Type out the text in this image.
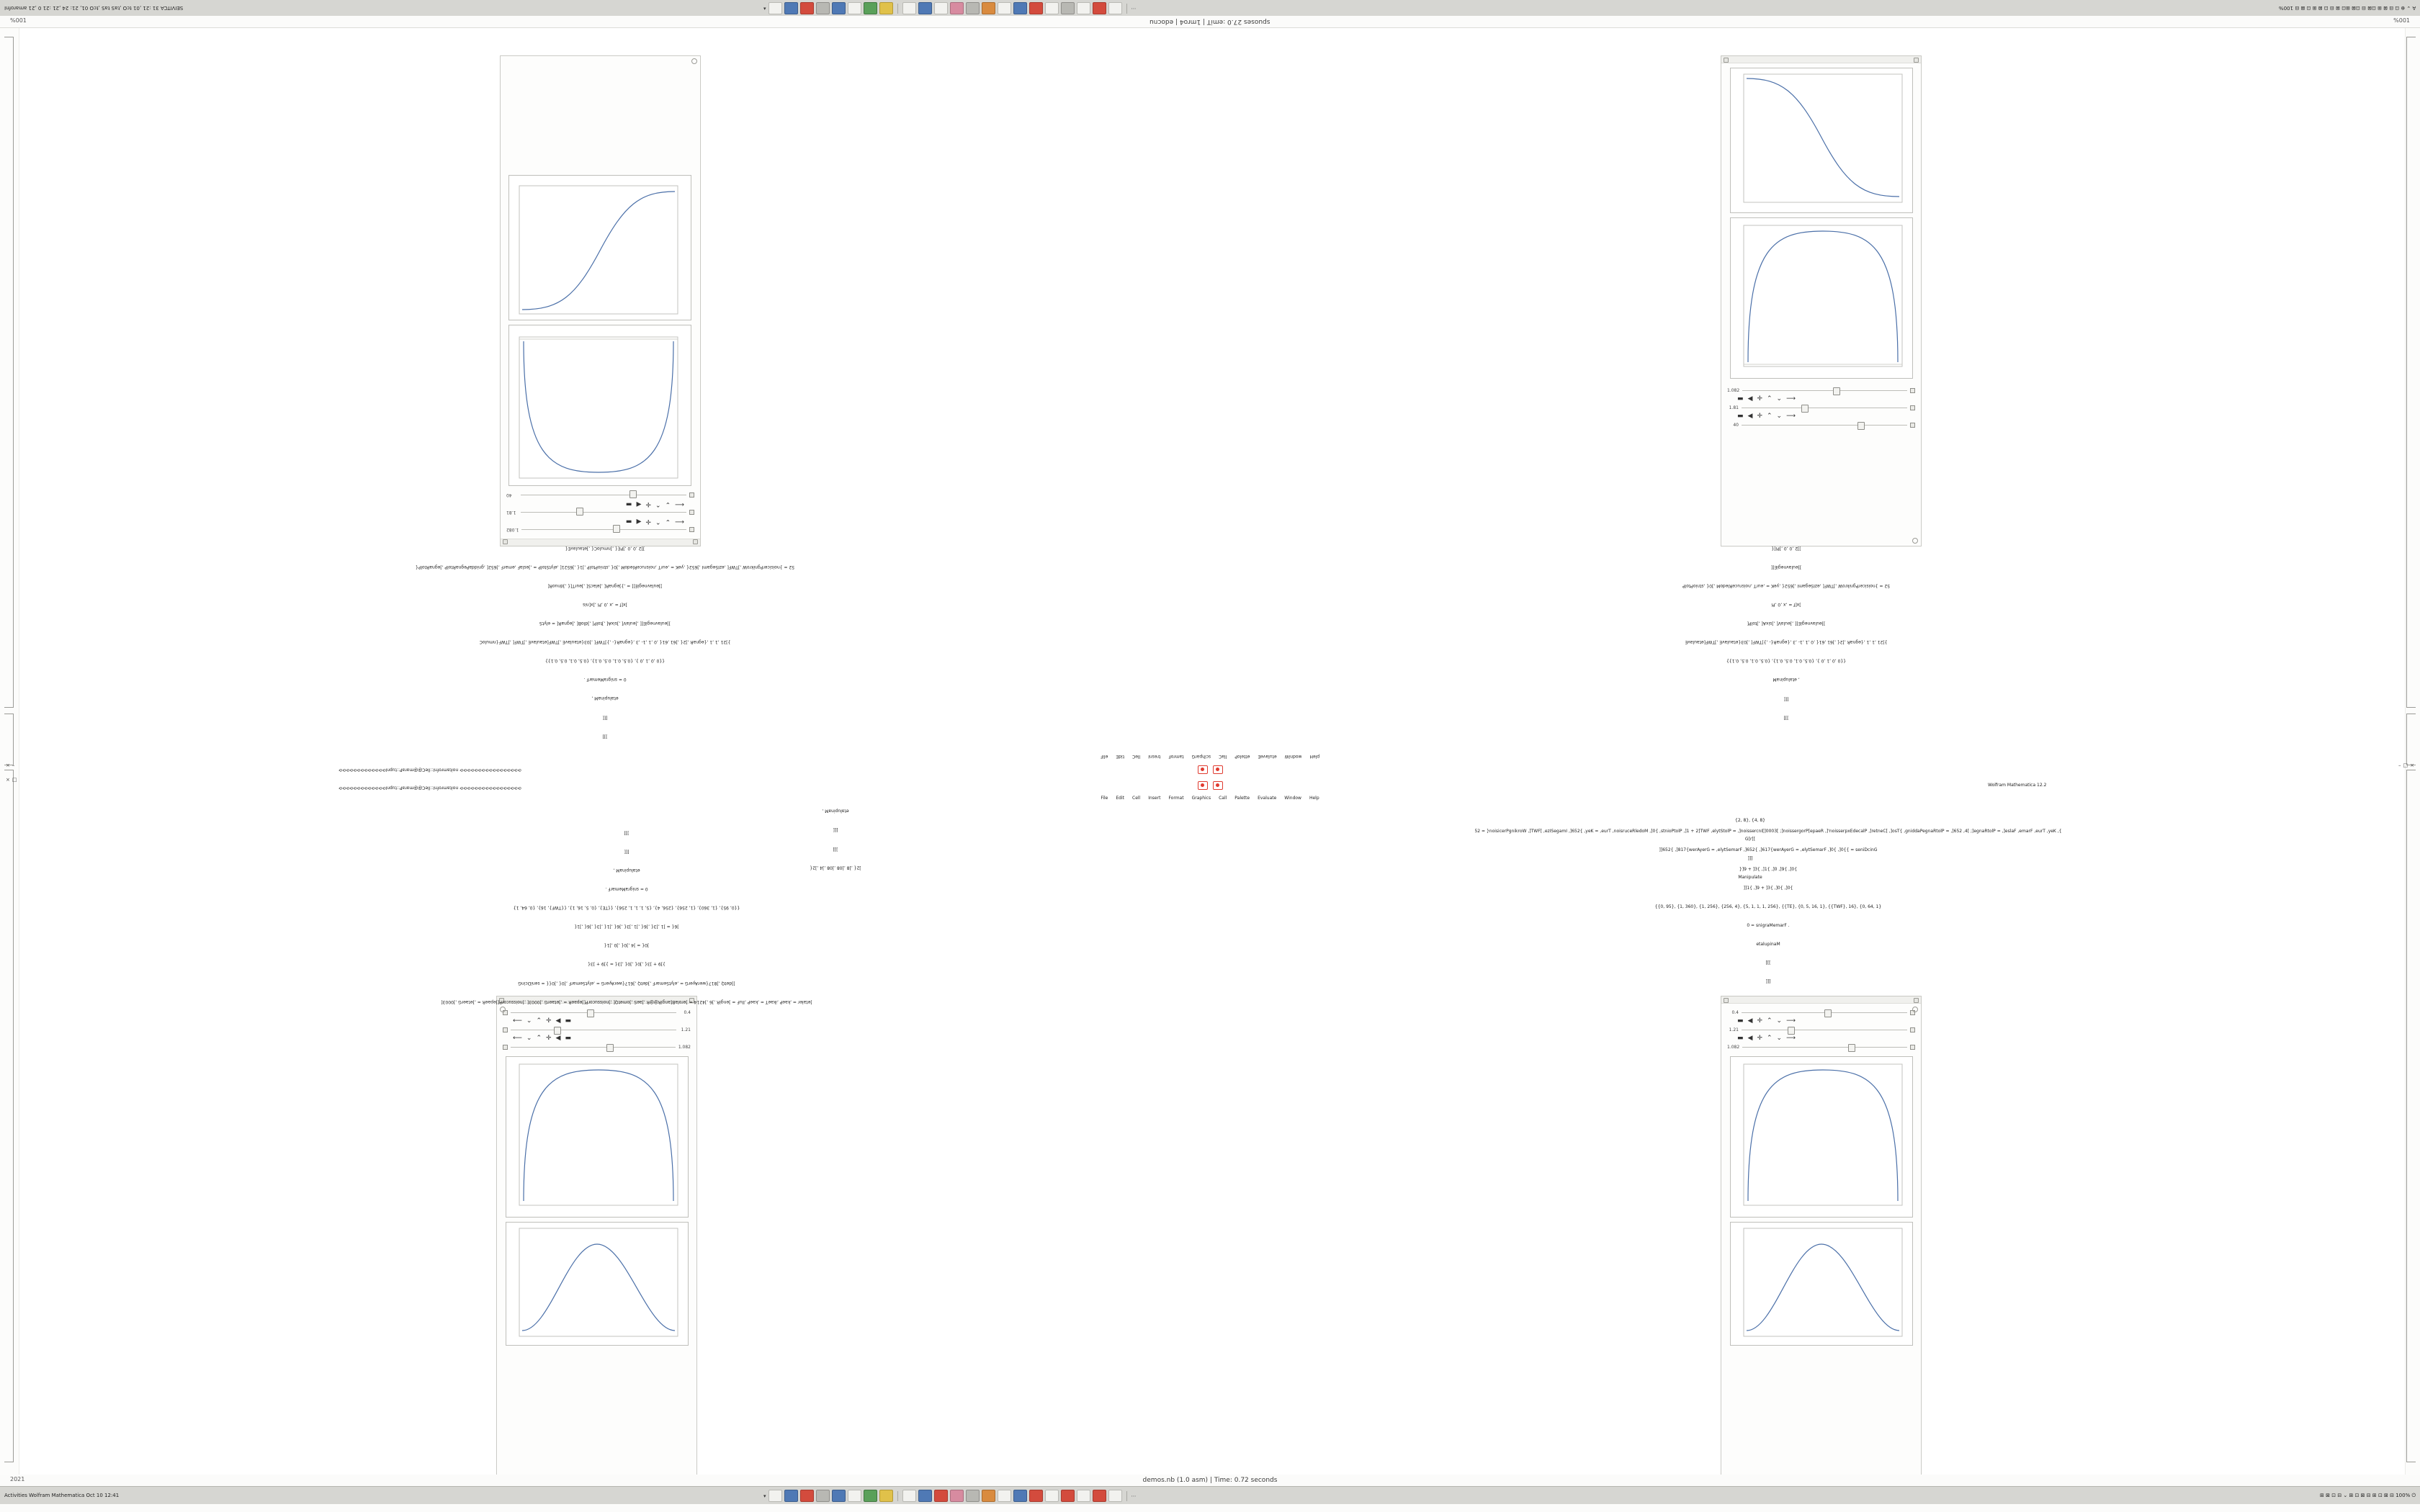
SEIVITCA 31 :21 ,01 tcO ,taS taS ,tcO 01, 21: 24 ,21 :21 0 ,21 amarofnI	▾	⋯	A ⌄ ⊕ ⊡ ⊟ ⊠ ⊞ ⊡⊠ ⊟ ⊡⊠ ⊞⊡ ⊠ ⊟ ⊡ ⊠ ⊞ ⊡ ⊠ ⊟ 100%
spuoses 27.0 :emiT | 1mro4 | edocnu
%001	%001
1.082
⟵
⌄
⌃
✛
◀
▬
1.81
⟵
⌄
⌃
✛
◀
▬
40
1.082
▬ ◀ ✛ ⌃ ⌄ ⟶
1.81
▬ ◀ ✛ ⌃ ⌄ ⟶
40
0.4
⟵ ⌄ ⌃ ✛ ◀ ▬
1.21
⟵ ⌄ ⌃ ✛ ◀ ▬
1.082
0.4
▬ ◀ ✛ ⌃ ⌄ ⟶
1.21
▬ ◀ ✛ ⌃ ⌄ ⟶
1.082

]]]

[[[

etalupinaM ,

0 = snigraMemarF .

{{0 ,0 ,1 ,0 }, {0.5, 0.1, 0.5, 0.1}, {0.5, 0.1, 0.5, 0.1}}

}]21 ,1 ,1 ,{egnaR ,]2{ ,]61 ,61{ ,0 ,1 ,1- ,3 ,{egnaR{- ,}]TWF[ ,]03{etaulavE ,]TWF[etaulavE ,]TWF[ ,]TWF{nmuloC

]]eulavnegiE[[ ,]eulaV[ ,]sixA[ ,]tolP[ ,]dloB[ ,]egnaR[ = elytS

]x[f = ,x ,0 ,Pi ,]x[nis

]]eulavnegiE[[ = ,}]egnaR[ ,]elacS[ ,]eurT[{ ,]dnuoR[

52 = }noisicerPgnikroW ,]TWF[ ,ezISegamI ,]652{ ,yeK = ,eurT ,noisruceRledoM ,]0{ ,stnioPtolP ,]1{ ,]6521[ ,elytStolP = ,]eslaF ,emarF ,]652[ ,gniddaPegnaRtolP ,]egnaRtolP{

]]2 ,0 ,0 ,]Pi[{ ,]nmuloC{ ,]etaulavE{

]]]

[[[

, etalupinaM

{{0 ,0 ,1 ,0 }, {0.5, 0.1, 0.5, 0.1}, {0.5, 0.1, 0.5, 0.1}}

}]21 ,1 ,1 ,{egnaR ,]2{ ,]61 ,61{ ,0 ,1 ,1- ,3 ,{egnaR{- ,}]TWF[ ,]03{etaulavE ,]TWF[etaulavE

]]eulavnegiE[[ ,]eulaV[ ,]sixA[ ,]tolP[

]x[f = ,x ,0 ,Pi

52 = }noisicerPgnikroW ,]TWF[ ,ezISegamI ,]652{ ,yeK = ,eurT ,noisruceRledoM ,]0{ ,stnioPtolP

]]eulavnegiE[[

]]2 ,0 ,0 ,]Pi[{

pleH
wodniW
etulaveE
etteloP
llaC
scihparG
tamroF
tresnI
lleC
tidE
eliF
⟳⟳⟳⟳⟳⟳⟳⟳⟳⟳⟳⟳⟳⟳⟳⟳⟳ noitamrofnI::lleC@@maraP::tupnI⟳⟳⟳⟳⟳⟳⟳⟳⟳⟳⟳⟳⟳
⟳⟳⟳⟳⟳⟳⟳⟳⟳⟳⟳⟳⟳⟳⟳⟳⟳ noitamrofnI::lleC@@maraP::tupnI⟳⟳⟳⟳⟳⟳⟳⟳⟳⟳⟳⟳⟳
Wolfram Mathematica 12.2
File Edit Cell Insert Format Graphics Call Palette Evaluate Window Help

]2{ ,]8 ,]08 ,]08 ,]4 ,]2{

]]]

[[[

etalupinaM ,

{2, 8}, {4, 8}

G[r[[

]]]

Manipulate

]etaler = ,kaeP ,ikaeT = ,kaeP ,lluF = ]engiR ,]6 ,]4214 = ]erolaB[angiR@@R ,]aeS ,]ometQ[ ;]noissucorP[]epaeR = ,]etaerG ,]0003[ ;]noissucorP[]epaeR = ,]etaerG ,]0003[

]]detQ ,]817{werAyerG = ,elytSemarF ,]detQ ,]617{werAyerG = ,elytSemarF ,]0{ ,]0{{ = seniDcinG

}]9 + ]3{ ,]0{ ,]0{ ,]3{ = }]9 + ]3{

]0{ = ]4 ,]0{ ,]0 ,]1{

]6{ = ]1 ,]3{ ,]6{ ,]1 ,]3{ ,]6{ ,]1{ ,]3{ ,]6{ ,]1{

{{0, 95}, {1, 360}, {1, 256}, {256, 4}, {5, 1, 1, 1, 256}, {{TE}, {0, 5, 16, 1}, {{TWF}, 16}, {0, 64, 1}

0 = snigraMemarF .

etalupinaM ,

[[[

]]]

	52 = }noisicerPgnikroW ,]TWF[ ,ezISegamI ,]652{ ,yeK = ,eurT ,noisruceRledoM ,]0{ ,stnioPtolP ,]1 + 2]TWF ,elytStolP = ,]noissercnI[]0003[ ;]noissergorP[epaeR ,]'noisserpxEdecalP ,]retneC[ ,]osT{ ,gniddaPegnaRtolP = ,]652 ,4[ ;]egnaRtolP = ,]eslaF ,emarF ,eurT ,yeK ,{

]]652{ ,]817{werAyerG = ,elytSemarF ,]652{ ,]617{werAyerG = ,elytSemarF ,]0{ ,]0{{ = seniDcinG

}]9 + ]3{ ,]1{ ,]0 ,]9{ ,]0{

]]1{ ,]9 + ]3{ ,]0{ ,]0{

{{0, 95}, {1, 360}, {1, 256}, {256, 4}, {5, 1, 1, 1, 256}, {{TE}, {0, 5, 16, 1}, {{TWF}, 16}, {0, 64, 1}

0 = snigraMemarF .

etalupinaM

[[[

]]]

× –
× □
– □ ×
demos.nb (1.0 asm) | Time: 0.72 seconds
2021
Activities Wolfram Mathematica Oct 10 12:41	▾	⋯	⊞ ⊠ ⊡ ⊟ ⌄ ⊞ ⊡ ⊠ ⊟ ⊞ ⊡ ⊠ ⊟ 100% ⏻
